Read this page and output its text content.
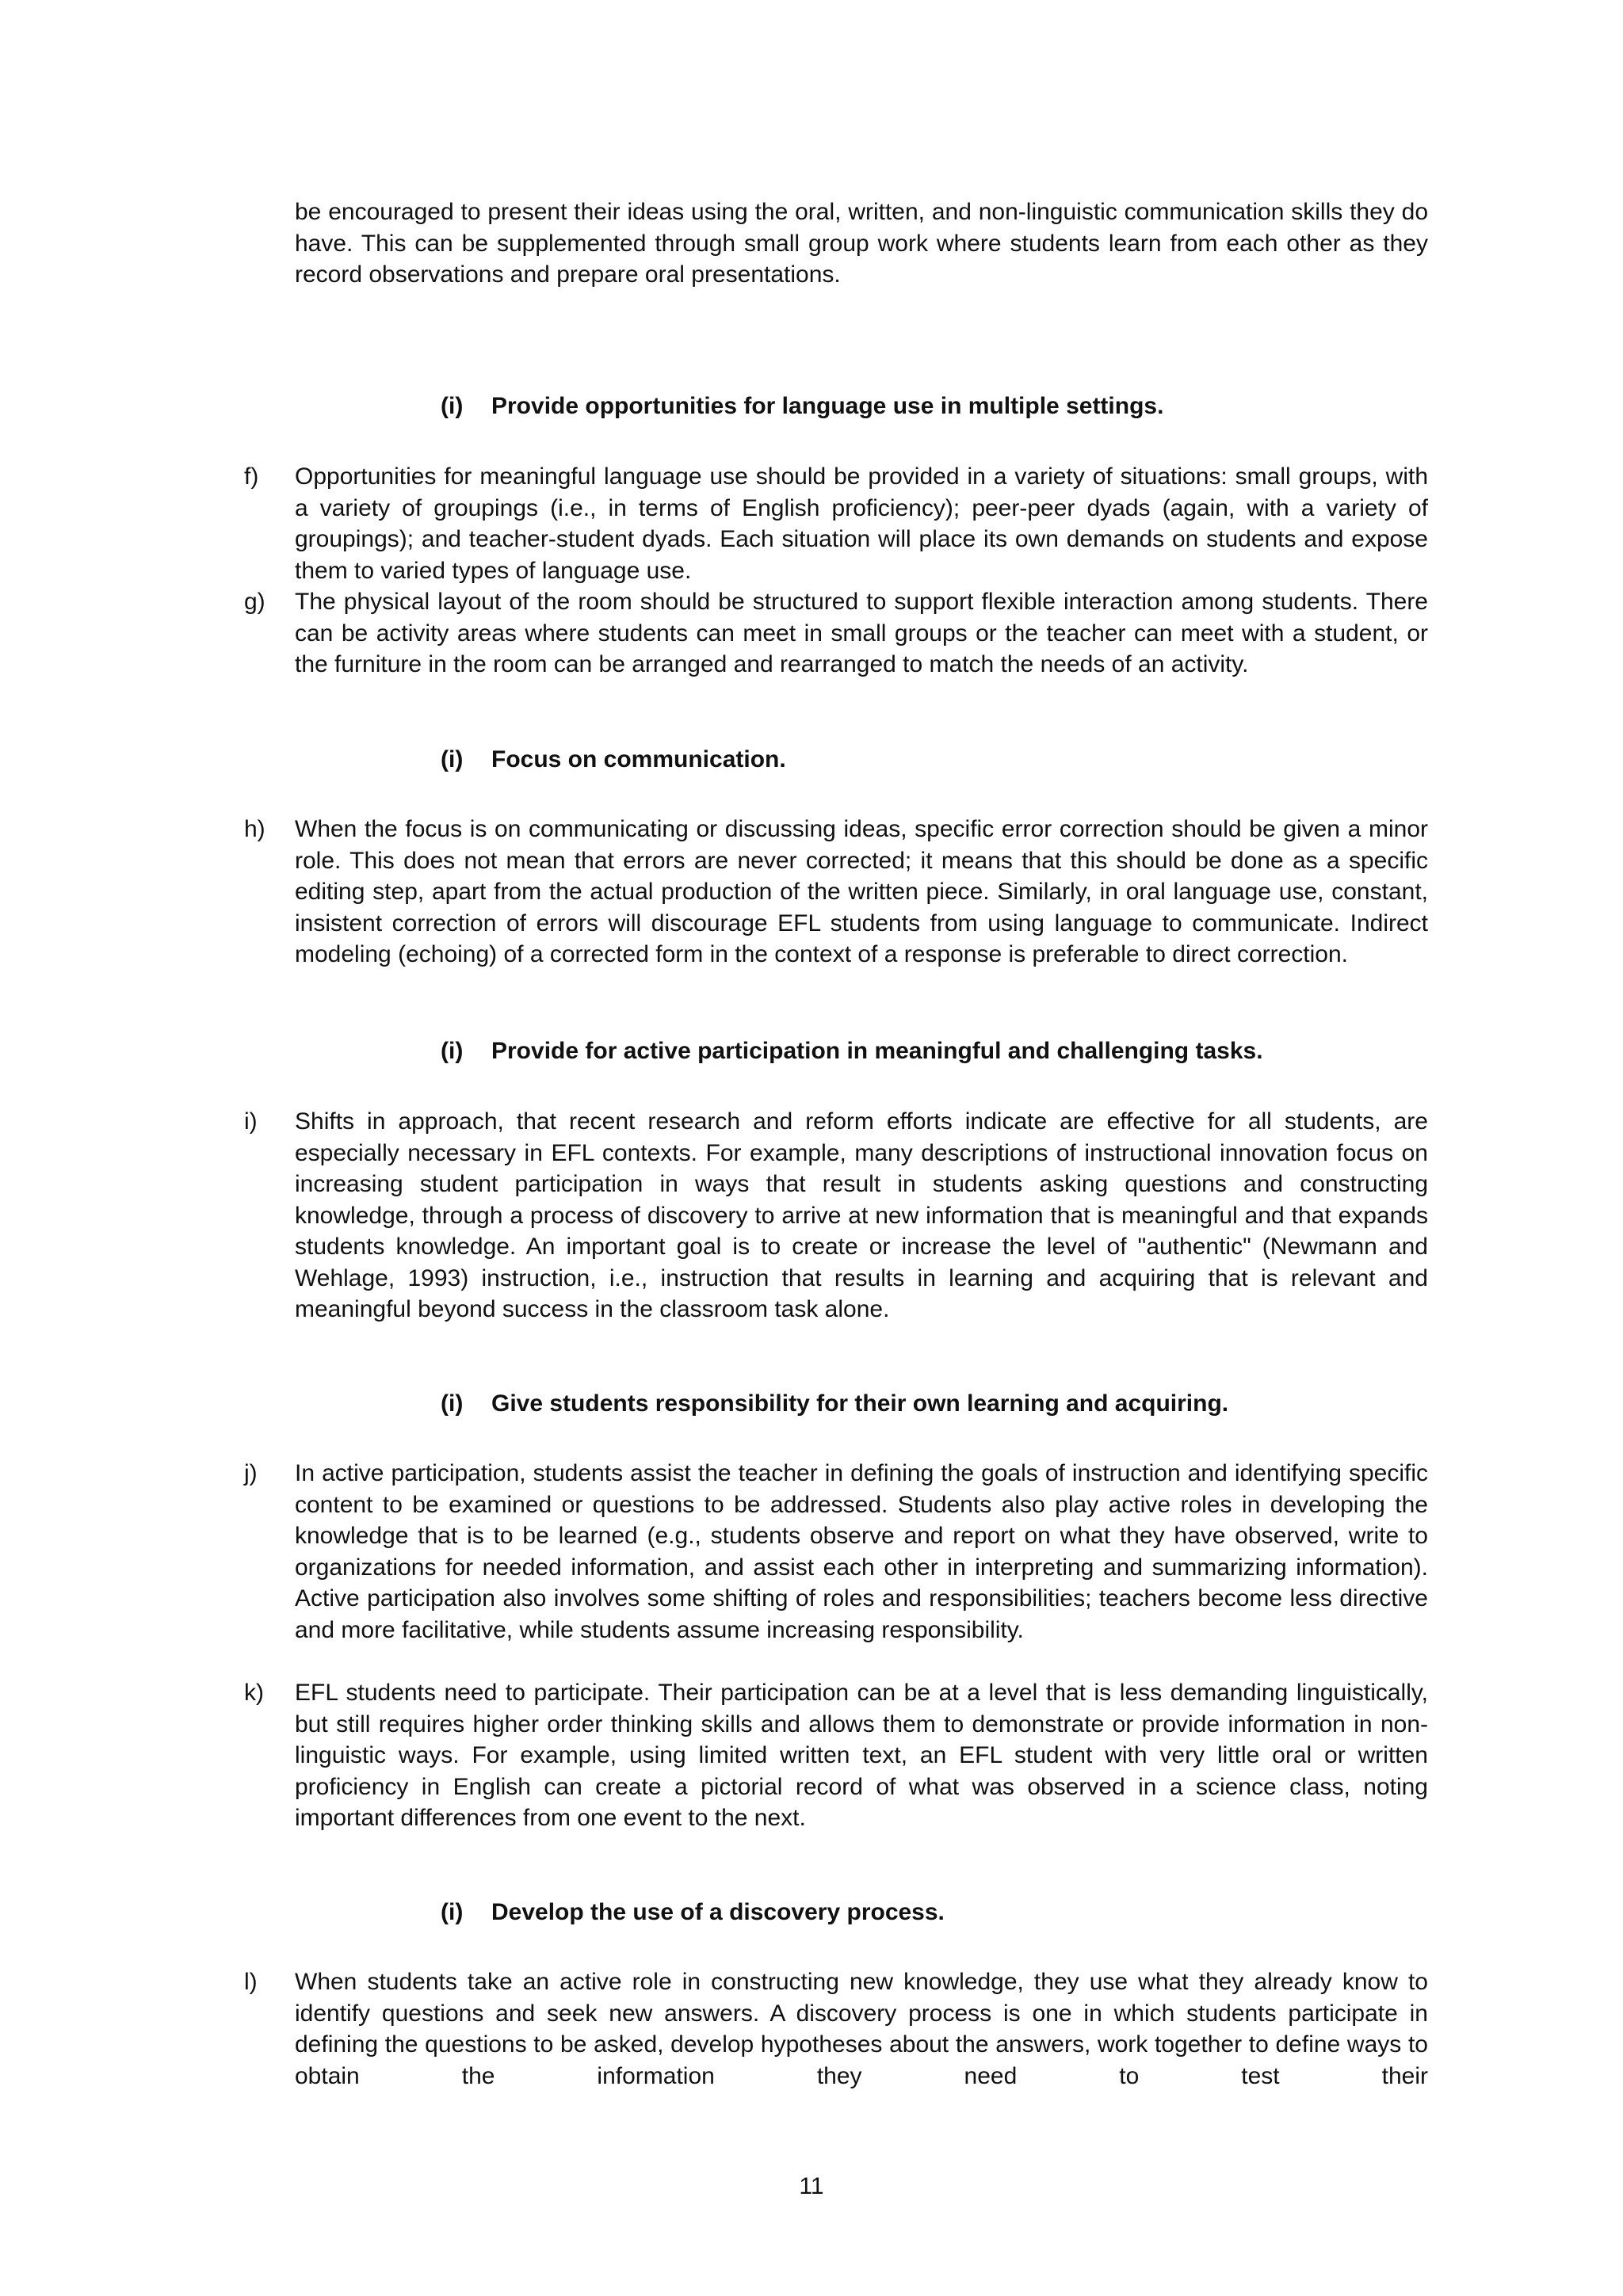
be encouraged to present their ideas using the oral, written, and non-linguistic communication skills they do have. This can be supplemented through small group work where students learn from each other as they record observations and prepare oral presentations.
(i) Provide opportunities for language use in multiple settings.
f)	Opportunities for meaningful language use should be provided in a variety of situations: small groups, with a variety of groupings (i.e., in terms of English proficiency); peer-peer dyads (again, with a variety of groupings); and teacher-student dyads. Each situation will place its own demands on students and expose them to varied types of language use.
g)	The physical layout of the room should be structured to support flexible interaction among students. There can be activity areas where students can meet in small groups or the teacher can meet with a student, or the furniture in the room can be arranged and rearranged to match the needs of an activity.
(i) Focus on communication.
h)	When the focus is on communicating or discussing ideas, specific error correction should be given a minor role. This does not mean that errors are never corrected; it means that this should be done as a specific editing step, apart from the actual production of the written piece. Similarly, in oral language use, constant, insistent correction of errors will discourage EFL students from using language to communicate. Indirect modeling (echoing) of a corrected form in the context of a response is preferable to direct correction.
(i) Provide for active participation in meaningful and challenging tasks.
i)	Shifts in approach, that recent research and reform efforts indicate are effective for all students, are especially necessary in EFL contexts. For example, many descriptions of instructional innovation focus on increasing student participation in ways that result in students asking questions and constructing knowledge, through a process of discovery to arrive at new information that is meaningful and that expands students knowledge. An important goal is to create or increase the level of "authentic" (Newmann and Wehlage, 1993) instruction, i.e., instruction that results in learning and acquiring that is relevant and meaningful beyond success in the classroom task alone.
(i) Give students responsibility for their own learning and acquiring.
j)	In active participation, students assist the teacher in defining the goals of instruction and identifying specific content to be examined or questions to be addressed. Students also play active roles in developing the knowledge that is to be learned (e.g., students observe and report on what they have observed, write to organizations for needed information, and assist each other in interpreting and summarizing information). Active participation also involves some shifting of roles and responsibilities; teachers become less directive and more facilitative, while students assume increasing responsibility.
k)	EFL students need to participate. Their participation can be at a level that is less demanding linguistically, but still requires higher order thinking skills and allows them to demonstrate or provide information in non-linguistic ways. For example, using limited written text, an EFL student with very little oral or written proficiency in English can create a pictorial record of what was observed in a science class, noting important differences from one event to the next.
(i) Develop the use of a discovery process.
l)	When students take an active role in constructing new knowledge, they use what they already know to identify questions and seek new answers. A discovery process is one in which students participate in defining the questions to be asked, develop hypotheses about the answers, work together to define ways to obtain the information they need to test their
11
